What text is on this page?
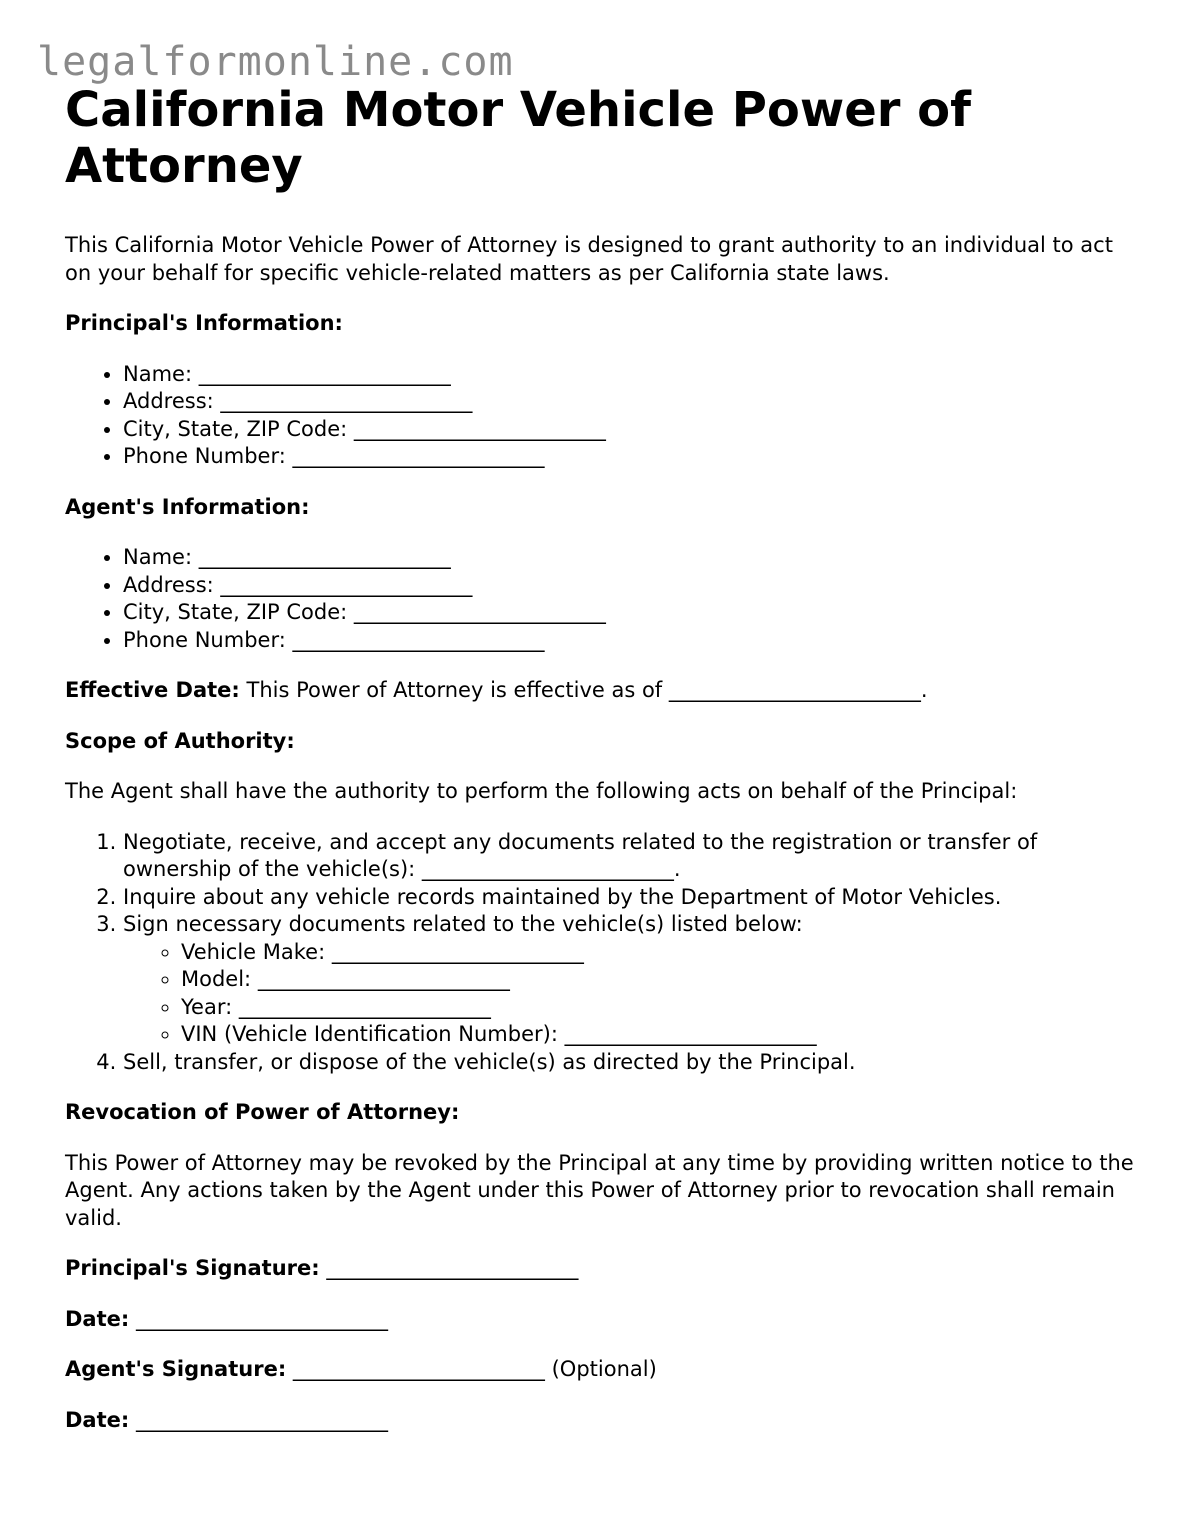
legalformonline.com
California Motor Vehicle Power of Attorney

This California Motor Vehicle Power of Attorney is designed to grant authority to an individual to act on your behalf for specific vehicle-related matters as per California state laws.

Principal's Information:

• Name: ________________________
• Address: ________________________
• City, State, ZIP Code: ________________________
• Phone Number: ________________________

Agent's Information:

• Name: ________________________
• Address: ________________________
• City, State, ZIP Code: ________________________
• Phone Number: ________________________

Effective Date: This Power of Attorney is effective as of ________________________.

Scope of Authority:

The Agent shall have the authority to perform the following acts on behalf of the Principal:

1. Negotiate, receive, and accept any documents related to the registration or transfer of ownership of the vehicle(s): ________________________.
2. Inquire about any vehicle records maintained by the Department of Motor Vehicles.
3. Sign necessary documents related to the vehicle(s) listed below:
◦ Vehicle Make: ________________________
◦ Model: ________________________
◦ Year: ________________________
◦ VIN (Vehicle Identification Number): ________________________
4. Sell, transfer, or dispose of the vehicle(s) as directed by the Principal.

Revocation of Power of Attorney:

This Power of Attorney may be revoked by the Principal at any time by providing written notice to the Agent. Any actions taken by the Agent under this Power of Attorney prior to revocation shall remain valid.

Principal's Signature: ________________________

Date: ________________________

Agent's Signature: ________________________ (Optional)

Date: ________________________
